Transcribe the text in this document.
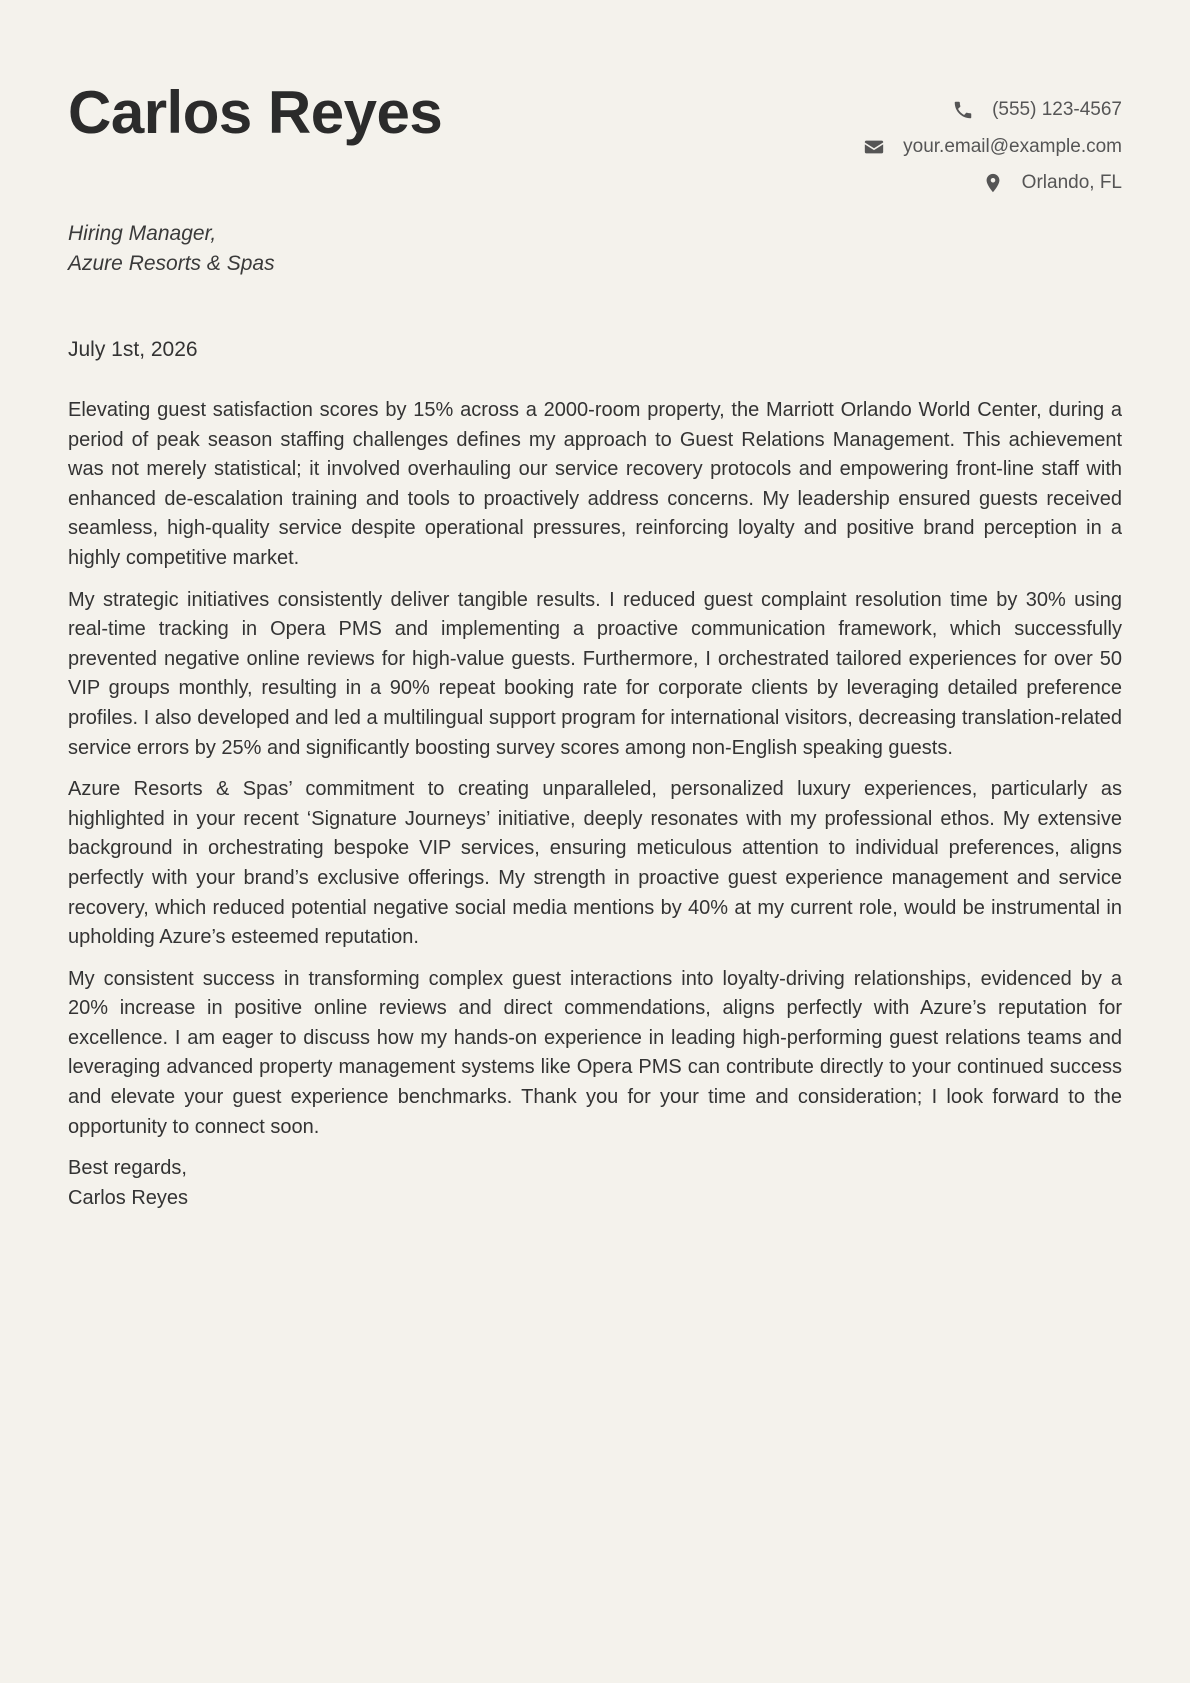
Carlos Reyes	(555) 123-4567
your.email@example.com
Orlando, FL
Hiring Manager,
Azure Resorts & Spas
July 1st, 2026

Elevating guest satisfaction scores by 15% across a 2000-room property, the Marriott Orlando World Center, during a period of peak season staffing challenges defines my approach to Guest Relations Management. This achievement was not merely statistical; it involved overhauling our service recovery protocols and empowering front-line staff with enhanced de-escalation training and tools to proactively address concerns. My leadership ensured guests received seamless, high-quality service despite operational pressures, reinforcing loyalty and positive brand perception in a highly competitive market.

My strategic initiatives consistently deliver tangible results. I reduced guest complaint resolution time by 30% using real-time tracking in Opera PMS and implementing a proactive communication framework, which successfully prevented negative online reviews for high-value guests. Furthermore, I orchestrated tailored experiences for over 50 VIP groups monthly, resulting in a 90% repeat booking rate for corporate clients by leveraging detailed preference profiles. I also developed and led a multilingual support program for international visitors, decreasing translation-related service errors by 25% and significantly boosting survey scores among non-English speaking guests.

Azure Resorts & Spas’ commitment to creating unparalleled, personalized luxury experiences, particularly as highlighted in your recent ‘Signature Journeys’ initiative, deeply resonates with my professional ethos. My extensive background in orchestrating bespoke VIP services, ensuring meticulous attention to individual preferences, aligns perfectly with your brand’s exclusive offerings. My strength in proactive guest experience management and service recovery, which reduced potential negative social media mentions by 40% at my current role, would be instrumental in upholding Azure’s esteemed reputation.

My consistent success in transforming complex guest interactions into loyalty-driving relationships, evidenced by a 20% increase in positive online reviews and direct commendations, aligns perfectly with Azure’s reputation for excellence. I am eager to discuss how my hands-on experience in leading high-performing guest relations teams and leveraging advanced property management systems like Opera PMS can contribute directly to your continued success and elevate your guest experience benchmarks. Thank you for your time and consideration; I look forward to the opportunity to connect soon.

Best regards,
Carlos Reyes
